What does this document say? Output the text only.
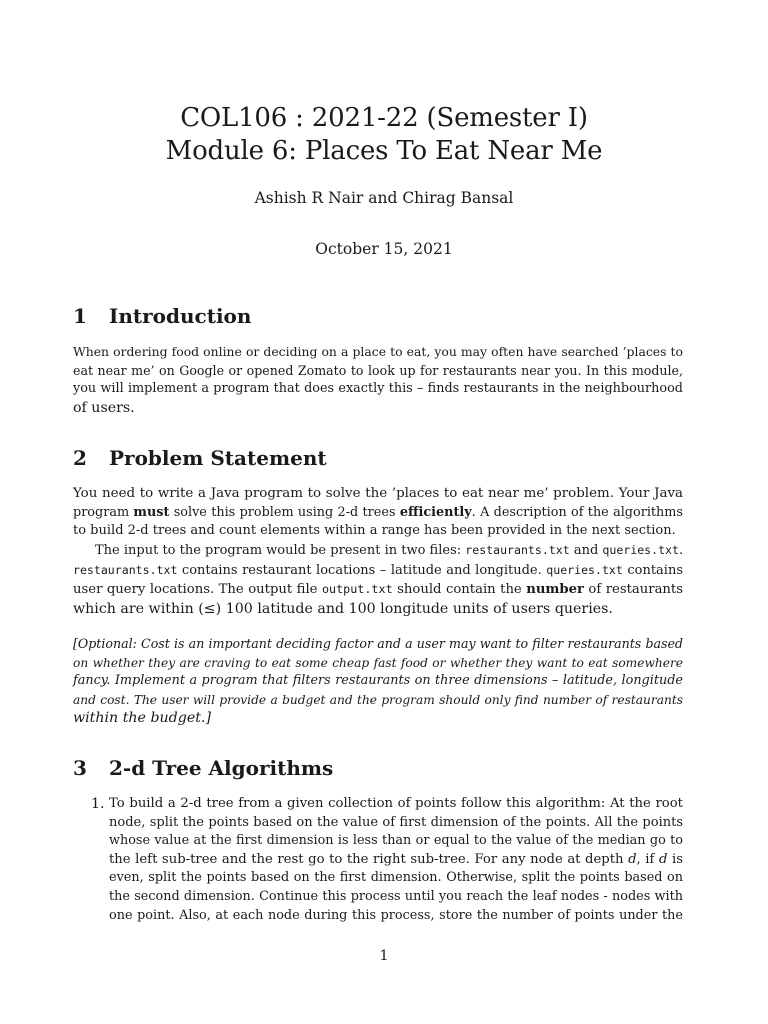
COL106 : 2021-22 (Semester I)

Module 6: Places To Eat Near Me

Ashish R Nair and Chirag Bansal
October 15, 2021
1 Introduction
When ordering food online or deciding on a place to eat, you may often have searched ’places to
eat near me’ on Google or opened Zomato to look up for restaurants near you. In this module,
you will implement a program that does exactly this – finds restaurants in the neighbourhood
of users.
2 Problem Statement
You need to write a Java program to solve the ’places to eat near me’ problem. Your Java
program must solve this problem using 2-d trees efficiently. A description of the algorithms
to build 2-d trees and count elements within a range has been provided in the next section.
The input to the program would be present in two files: restaurants.txt and queries.txt.
restaurants.txt contains restaurant locations – latitude and longitude. queries.txt contains
user query locations. The output file output.txt should contain the number of restaurants
which are within (≤) 100 latitude and 100 longitude units of users queries.
[Optional: Cost is an important deciding factor and a user may want to filter restaurants based
on whether they are craving to eat some cheap fast food or whether they want to eat somewhere
fancy. Implement a program that filters restaurants on three dimensions – latitude, longitude
and cost. The user will provide a budget and the program should only find number of restaurants
within the budget.]
3 2-d Tree Algorithms
1. To build a 2-d tree from a given collection of points follow this algorithm: At the root
node, split the points based on the value of first dimension of the points. All the points
whose value at the first dimension is less than or equal to the value of the median go to
the left sub-tree and the rest go to the right sub-tree. For any node at depth d, if d is
even, split the points based on the first dimension. Otherwise, split the points based on
the second dimension. Continue this process until you reach the leaf nodes - nodes with
one point. Also, at each node during this process, store the number of points under the
1
